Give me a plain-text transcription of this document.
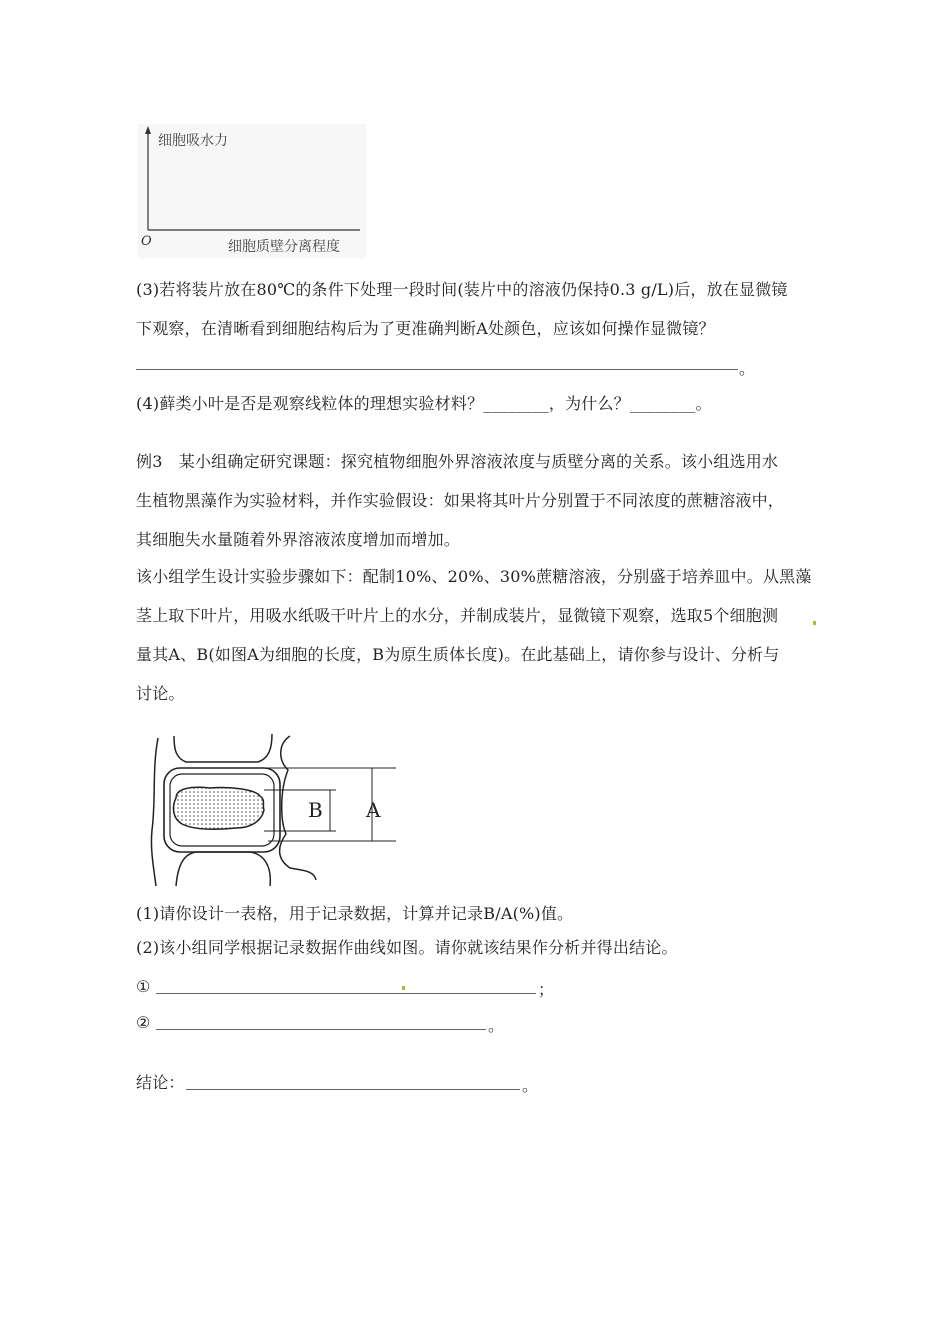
细胞吸水力
细胞质壁分离程度
O
(3)若将装片放在80℃的条件下处理一段时间(装片中的溶液仍保持0.3 g/L)后，放在显微镜
下观察，在清晰看到细胞结构后为了更准确判断A处颜色，应该如何操作显微镜？
。
(4)藓类小叶是否是观察线粒体的理想实验材料？________，为什么？________。
例3　某小组确定研究课题：探究植物细胞外界溶液浓度与质壁分离的关系。该小组选用水
生植物黑藻作为实验材料，并作实验假设：如果将其叶片分别置于不同浓度的蔗糖溶液中，
其细胞失水量随着外界溶液浓度增加而增加。
该小组学生设计实验步骤如下：配制10%、20%、30%蔗糖溶液，分别盛于培养皿中。从黑藻
茎上取下叶片，用吸水纸吸干叶片上的水分，并制成装片，显微镜下观察，选取5个细胞测
量其A、B(如图A为细胞的长度，B为原生质体长度)。在此基础上，请你参与设计、分析与
讨论。
B A
(1)请你设计一表格，用于记录数据，计算并记录B/A(%)值。
(2)该小组同学根据记录数据作曲线如图。请你就该结果作分析并得出结论。
①	；
②	。
结论：	。
